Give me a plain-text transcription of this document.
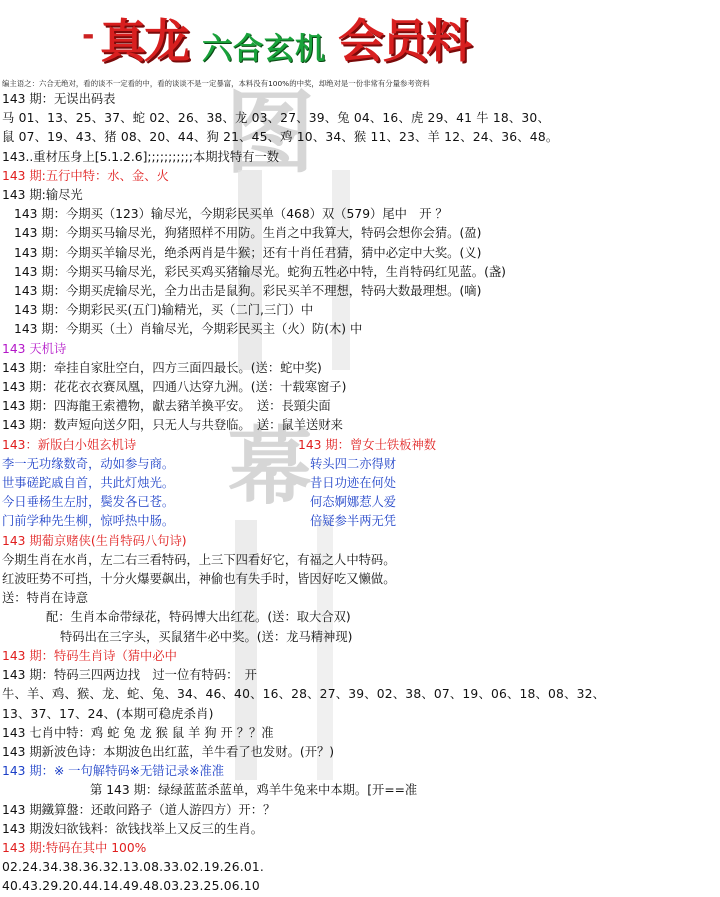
图
幕
- 真龙 六合玄机 会员料
编主语之：六合无绝对，看的谈不一定看的中，看的谈谈不是一定暴富，本料没有100%的中奖，却绝对是一份非常有分量参考资料
143 期：无误出码表
马 01、13、25、37、蛇 02、26、38、龙 03、27、39、兔 04、16、虎 29、41 牛 18、30、
鼠 07、19、43、猪 08、20、44、狗 21、45、鸡 10、34、猴 11、23、羊 12、24、36、48。
143..重材压身上[5.1.2.6];;;;;;;;;;;本期找特有一数
143 期:五行中特：水、金、火
143 期:输尽光
143 期：今期买（123）输尽光，今期彩民买单（468）双（579）尾中　开 ？
143 期：今期买马输尽光，狗猪照样不用防。生肖之中我算大，特码会想你会猜。(盈)
143 期：今期买羊输尽光，绝杀两肖是牛猴；还有十肖任君猜，猜中必定中大奖。(义)
143 期：今期买马输尽光，彩民买鸡买猪输尽光。蛇狗五牲必中特，生肖特码红见蓝。(盏)
143 期：今期买虎输尽光，全力出击是鼠狗。彩民买羊不理想，特码大数最理想。(嘀)
143 期：今期彩民买(五门)输精光，买（二门,三门）中
143 期：今期买（土）肖输尽光，今期彩民买主（火）防(木) 中
143 天机诗
143 期：牵挂自家肚空白，四方三面四最长。(送：蛇中奖)
143 期：花花衣衣赛凤凰，四通八达穿九洲。(送：十载寒窗子)
143 期：四海龍王索禮物，獻去豬羊換平安。　送：長頸尖面
143 期：数声短向送夕阳，只无人与共登临。　送：鼠羊送财来
143：新版白小姐玄机诗
李一无功缘数奇，动如参与商。
世事磋跎戚自首，共此灯烛光。
今日垂杨生左肘，鬓发各已苍。
门前学种先生柳，惊呼热中肠。
143 期：曾女士铁板神数
转头四二亦得财
昔日功迹在何处
何态婀娜惹人爱
倍疑参半两无凭
143 期葡京赌侠(生肖特码八句诗)
今期生肖在水肖，左二右三看特码，上三下四看好它，有福之人中特码。
红波旺势不可挡，十分火爆要飙出，神偷也有失手时，皆因好吃又懒做。
送：特肖在诗意
配：生肖本命带绿花，特码博大出红花。(送：取大合双)
特码出在三字头，买鼠猪牛必中奖。(送：龙马精神现)
143 期：特码生肖诗（猜中必中
143 期：特码三四两边找　过一位有特码：　开
牛、羊、鸡、猴、龙、蛇、兔、34、46、40、16、28、27、39、02、38、07、19、06、18、08、32、
13、37、17、24、(本期可稳虎杀肖)
143 七肖中特：鸡 蛇 兔 龙 猴 鼠 羊 狗 开 ？？准
143 期新波色诗：本期波色出红蓝，羊牛看了也发财。(开？)
143 期：※ 一句解特码※无错记录※准准
第 143 期：绿绿蓝蓝杀蓝单，鸡羊牛兔来中本期。[开==准
143 期鐵算盤：还敢问路子（道人游四方）开：？
143 期泼妇欲钱料：欲钱找举上又反三的生肖。
143 期:特码在其中 100%
02.24.34.38.36.32.13.08.33.02.19.26.01.
40.43.29.20.44.14.49.48.03.23.25.06.10
